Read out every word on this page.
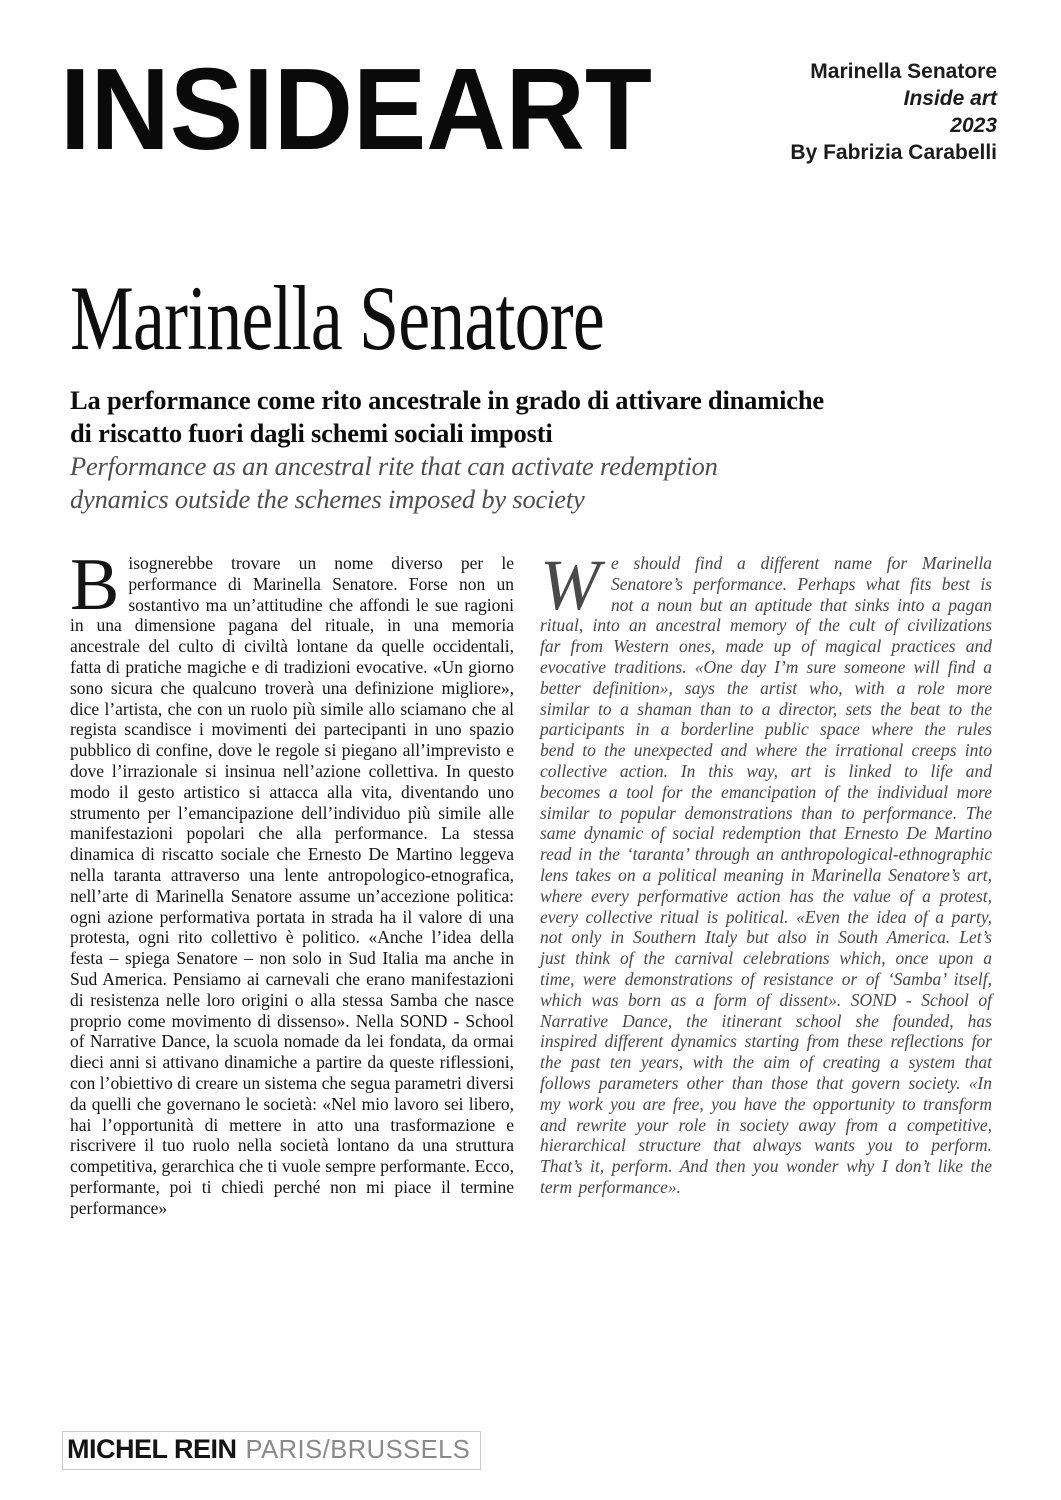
INSIDEART	Marinella Senatore
Inside art
2023
By Fabrizia Carabelli
Marinella Senatore
La performance come rito ancestrale in grado di attivare dinamiche
di riscatto fuori dagli schemi sociali imposti
Performance as an ancestral rite that can activate redemption
dynamics outside the schemes imposed by society
Bisognerebbe trovare un nome diverso per le performance di Marinella Senatore. Forse non un sostantivo ma un’attitudine che affondi le sue ragioni in una dimensione pagana del rituale, in una memoria ancestrale del culto di civiltà lontane da quelle occidentali, fatta di pratiche magiche e di tradizioni evocative. «Un giorno sono sicura che qualcuno troverà una definizione migliore», dice l’artista, che con un ruolo più simile allo sciamano che al regista scandisce i movimenti dei partecipanti in uno spazio pubblico di confine, dove le regole si piegano all’imprevisto e dove l’irrazionale si insinua nell’azione collettiva. In questo modo il gesto artistico si attacca alla vita, diventando uno strumento per l’emancipazione dell’individuo più simile alle manifestazioni popolari che alla performance. La stessa dinamica di riscatto sociale che Ernesto De Martino leggeva nella taranta attraverso una lente antropologico-etnografica, nell’arte di Marinella Senatore assume un’accezione politica: ogni azione performativa portata in strada ha il valore di una protesta, ogni rito collettivo è politico. «Anche l’idea della festa – spiega Senatore – non solo in Sud Italia ma anche in Sud America. Pensiamo ai carnevali che erano manifestazioni di resistenza nelle loro origini o alla stessa Samba che nasce proprio come movimento di dissenso». Nella SOND - School of Narrative Dance, la scuola nomade da lei fondata, da ormai dieci anni si attivano dinamiche a partire da queste riflessioni, con l’obiettivo di creare un sistema che segua parametri diversi da quelli che governano le società: «Nel mio lavoro sei libero, hai l’opportunità di mettere in atto una trasformazione e riscrivere il tuo ruolo nella società lontano da una struttura competitiva, gerarchica che ti vuole sempre performante. Ecco, performante, poi ti chiedi perché non mi piace il termine performance»
We should find a different name for Marinella Senatore’s performance. Perhaps what fits best is not a noun but an aptitude that sinks into a pagan ritual, into an ancestral memory of the cult of civilizations far from Western ones, made up of magical practices and evocative traditions. «One day I’m sure someone will find a better definition», says the artist who, with a role more similar to a shaman than to a director, sets the beat to the participants in a borderline public space where the rules bend to the unexpected and where the irrational creeps into collective action. In this way, art is linked to life and becomes a tool for the emancipation of the individual more similar to popular demonstrations than to performance. The same dynamic of social redemption that Ernesto De Martino read in the ‘taranta’ through an anthropological-ethnographic lens takes on a political meaning in Marinella Senatore’s art, where every performative action has the value of a protest, every collective ritual is political. «Even the idea of a party, not only in Southern Italy but also in South America. Let’s just think of the carnival celebrations which, once upon a time, were demonstrations of resistance or of ‘Samba’ itself, which was born as a form of dissent». SOND - School of Narrative Dance, the itinerant school she founded, has inspired different dynamics starting from these reflections for the past ten years, with the aim of creating a system that follows parameters other than those that govern society. «In my work you are free, you have the opportunity to transform and rewrite your role in society away from a competitive, hierarchical structure that always wants you to perform. That’s it, perform. And then you wonder why I don’t like the term performance».
MICHEL REIN PARIS/BRUSSELS
